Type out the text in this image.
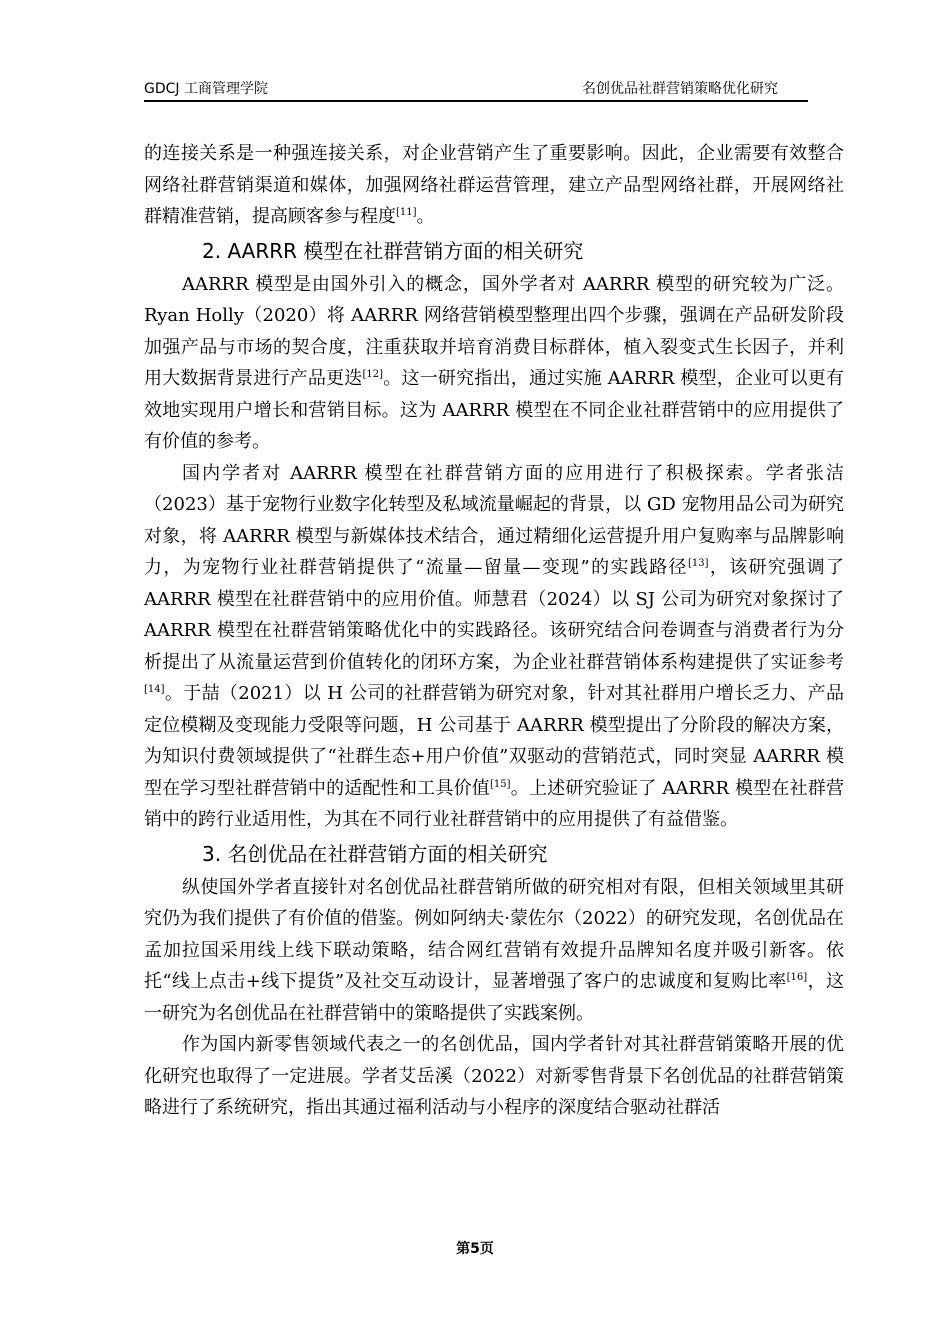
GDCJ 工商管理学院	名创优品社群营销策略优化研究

的连接关系是一种强连接关系，对企业营销产生了重要影响。因此，企业需要有效整合网络社群营销渠道和媒体，加强网络社群运营管理，建立产品型网络社群，开展网络社群精准营销，提高顾客参与程度[11]。

2. AARRR 模型在社群营销方面的相关研究

AARRR 模型是由国外引入的概念，国外学者对 AARRR 模型的研究较为广泛。 Ryan Holly（2020）将 AARRR 网络营销模型整理出四个步骤，强调在产品研发阶段加强产品与市场的契合度，注重获取并培育消费目标群体，植入裂变式生长因子，并利用大数据背景进行产品更迭[12]。这一研究指出，通过实施 AARRR 模型，企业可以更有效地实现用户增长和营销目标。这为 AARRR 模型在不同企业社群营销中的应用提供了有价值的参考。

国内学者对 AARRR 模型在社群营销方面的应用进行了积极探索。学者张洁（2023）基于宠物行业数字化转型及私域流量崛起的背景，以 GD 宠物用品公司为研究对象，将 AARRR 模型与新媒体技术结合，通过精细化运营提升用户复购率与品牌影响力，为宠物行业社群营销提供了“流量—留量—变现”的实践路径[13]，该研究强调了 AARRR 模型在社群营销中的应用价值。师慧君（2024）以 SJ 公司为研究对象探讨了 AARRR 模型在社群营销策略优化中的实践路径。该研究结合问卷调查与消费者行为分析提出了从流量运营到价值转化的闭环方案，为企业社群营销体系构建提供了实证参考[14]。于喆（2021）以 H 公司的社群营销为研究对象，针对其社群用户增长乏力、产品定位模糊及变现能力受限等问题，H 公司基于 AARRR 模型提出了分阶段的解决方案，为知识付费领域提供了“社群生态+用户价值”双驱动的营销范式，同时突显 AARRR 模型在学习型社群营销中的适配性和工具价值[15]。上述研究验证了 AARRR 模型在社群营销中的跨行业适用性，为其在不同行业社群营销中的应用提供了有益借鉴。

3. 名创优品在社群营销方面的相关研究

纵使国外学者直接针对名创优品社群营销所做的研究相对有限，但相关领域里其研究仍为我们提供了有价值的借鉴。例如阿纳夫·蒙佐尔（2022）的研究发现，名创优品在孟加拉国采用线上线下联动策略，结合网红营销有效提升品牌知名度并吸引新客。依托“线上点击+线下提货”及社交互动设计，显著增强了客户的忠诚度和复购比率[16]，这一研究为名创优品在社群营销中的策略提供了实践案例。

作为国内新零售领域代表之一的名创优品，国内学者针对其社群营销策略开展的优化研究也取得了一定进展。学者艾岳溪（2022）对新零售背景下名创优品的社群营销策略进行了系统研究，指出其通过福利活动与小程序的深度结合驱动社群活

第5页
